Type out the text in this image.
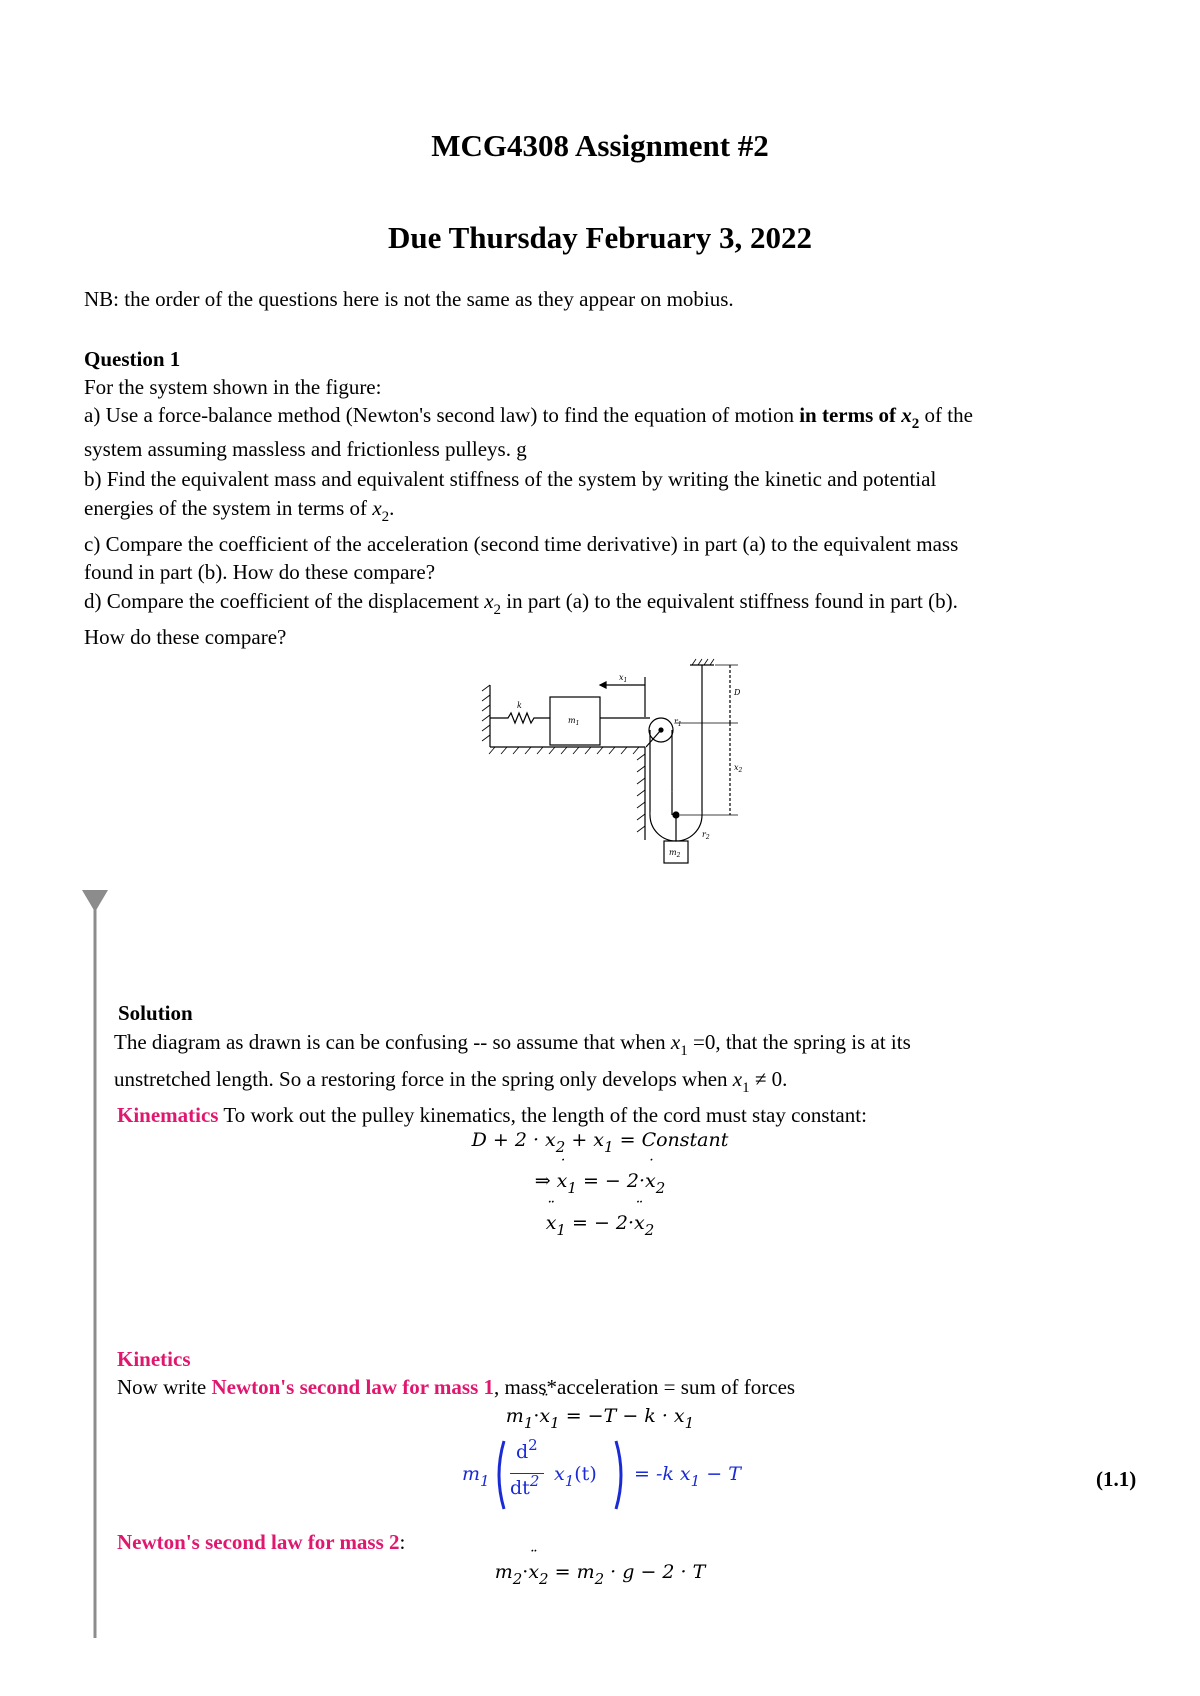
MCG4308 Assignment #2
Due Thursday February 3, 2022
NB: the order of the questions here is not the same as they appear on mobius.
Question 1
For the system shown in the figure:
a) Use a force-balance method (Newton's second law) to find the equation of motion in terms of $x_2$ of the
system assuming massless and frictionless pulleys. g
b) Find the equivalent mass and equivalent stiffness of the system by writing the kinetic and potential
energies of the system in terms of $x_2$.
c) Compare the coefficient of the acceleration (second time derivative) in part (a) to the equivalent mass
found in part (b). How do these compare?
d) Compare the coefficient of the displacement $x_2$ in part (a) to the equivalent stiffness found in part (b).
How do these compare?
k
$m_1$
$x_1$
$r_1$
D
$x_2$
$r_2$
$m_2$
Solution
The diagram as drawn is can be confusing -- so assume that when $x_1 =0$, that the spring is at its
unstretched length. So a restoring force in the spring only develops when $x_1 \ne 0$.
Kinematics To work out the pulley kinematics, the length of the cord must stay constant:
$D + 2 \cdot x_2 + x_1$ = Constant
⇒ ˙ $x_1$ = − 2·˙ $x_2$
¨ $x_1$ = − 2·¨ $x_2$
Kinetics
Now write Newton's second law for mass 1, mass*acceleration = sum of forces
$m_1\cdot¨$ $x_1 = -T - k \cdot x_1$
$m_1$
$d^2$
$dt^2$ $x_1(t) = -k$ $x_1 - T$	(1.1)
Newton's second law for mass 2:
$m_2\cdot¨$ $x_2 = m_2 \cdot g - 2 \cdot T$
